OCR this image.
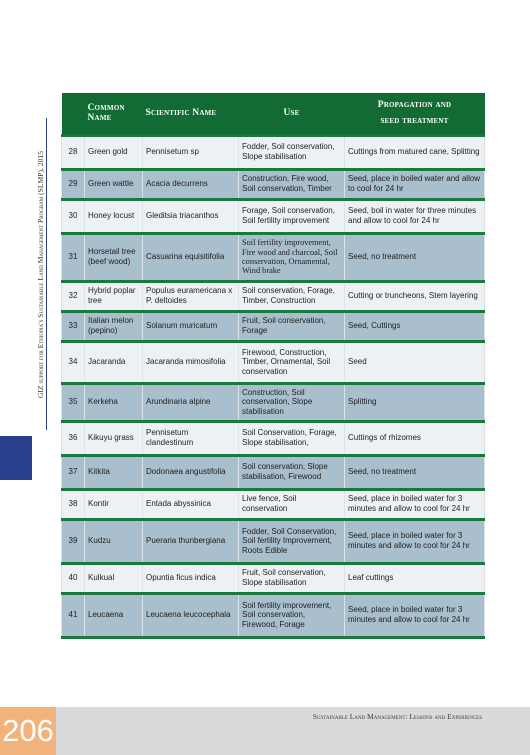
GIZ support for Ethiopia's Sustainable Land Management Program (SLMP), 2015
	Common Name	Scientific Name	Use	Propagation and
seed treatment
28	Green gold	Pennisetum sp	Fodder, Soil conservation, Slope stabilisation	Cuttings from matured cane, Splitting
29	Green wattle	Acacia decurrens	Construction, Fire wood, Soil conservation, Timber	Seed, place in boiled water and allow to cool for 24 hr
30	Honey locust	Gleditsia triacanthos	Forage, Soil conservation, Soil fertility improvement	Seed, boil in water for three minutes and allow to cool for 24 hr
31	Horsetail tree (beef wood)	Casuarina equisitifolia	Soil fertility improvement, Fire wood and charcoal, Soil conservation, Ornamental, Wind brake	Seed, no treatment
32	Hybrid poplar tree	Populus euramericana x P. deltoides	Soil conservation, Forage, Timber, Construction	Cutting or truncheons, Stem layering
33	Italian melon (pepino)	Solanum muricatum	Fruit, Soil conservation, Forage	Seed, Cuttings
34	Jacaranda	Jacaranda mimosifolia	Firewood, Construction, Timber, Ornamental, Soil conservation	Seed
35	Kerkeha	Arundinaria alpine	Construction, Soil conservation, Slope stabilisation	Splitting
36	Kikuyu grass	Pennisetum clandestinum	Soil Conservation, Forage, Slope stabilisation,	Cuttings of rhizomes
37	Kitkita	Dodonaea angustifolia	Soil conservation, Slope stabilisation, Firewood	Seed, no treatment
38	Kontir	Entada abyssinica	Live fence, Soil conservation	Seed, place in boiled water for 3 minutes and allow to cool for 24 hr
39	Kudzu	Pueraria thunbergiana	Fodder, Soil Conservation, Soil fertility Improvement, Roots Edible	Seed, place in boiled water for 3 minutes and allow to cool for 24 hr
40	Kulkual	Opuntia ficus indica	Fruit, Soil conservation, Slope stabilisation	Leaf cuttings
41	Leucaena	Leucaena leucocephala	Soil fertility improvement, Soil conservation, Firewood, Forage	Seed, place in boiled water for 3 minutes and allow to cool for 24 hr
206	Sustainable Land Management: Lessons and Experiences
